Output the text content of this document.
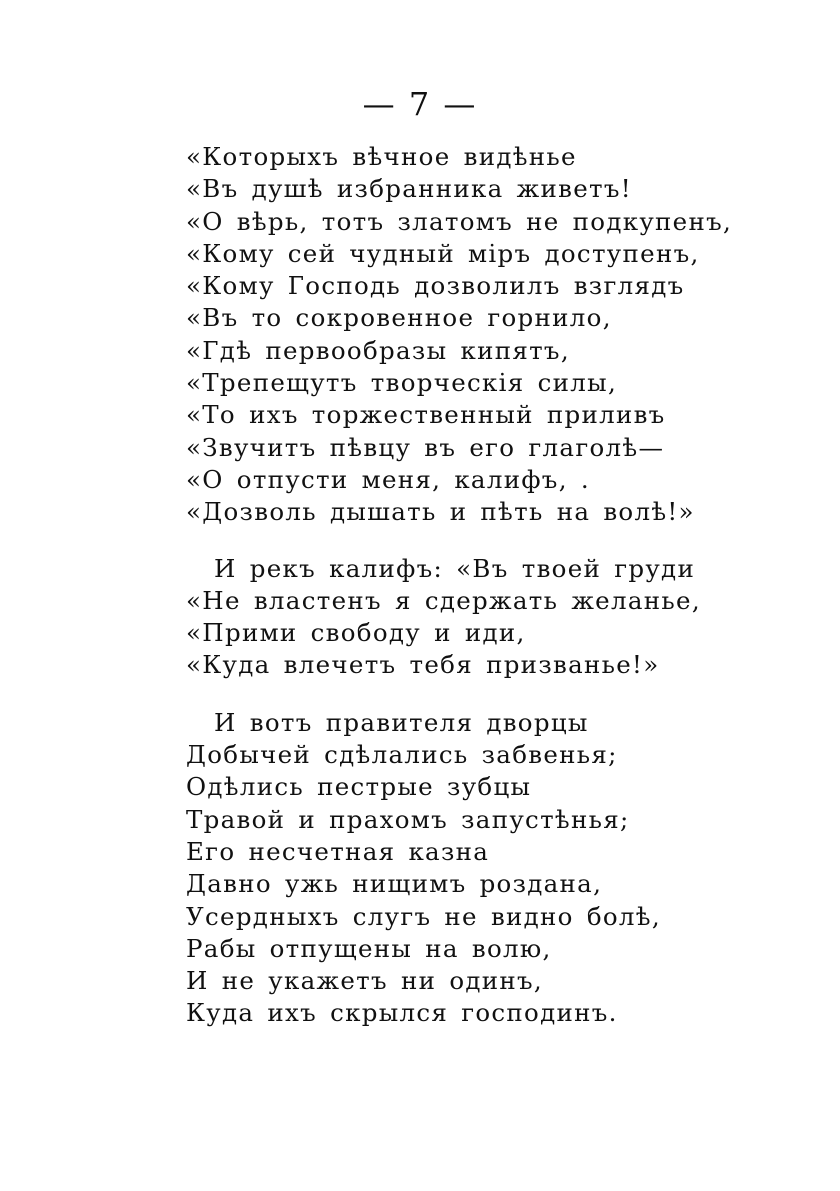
— 7 —
«Которыхъ вѣчное видѣнье
«Въ душѣ избранника живетъ!
«О вѣрь, тотъ златомъ не подкупенъ,
«Кому сей чудный міръ доступенъ,
«Кому Господь дозволилъ взглядъ
«Въ то сокровенное горнило,
«Гдѣ первообразы кипятъ,
«Трепещутъ творческія силы,
«То ихъ торжественный приливъ
«Звучитъ пѣвцу въ его глаголѣ—
«О отпусти меня, калифъ, .
«Дозволь дышать и пѣть на волѣ!»
И рекъ калифъ: «Въ твоей груди
«Не властенъ я сдержать желанье,
«Прими свободу и иди,
«Куда влечетъ тебя призванье!»
И вотъ правителя дворцы
Добычей сдѣлались забвенья;
Одѣлись пестрые зубцы
Травой и прахомъ запустѣнья;
Его несчетная казна
Давно ужь нищимъ роздана,
Усердныхъ слугъ не видно болѣ,
Рабы отпущены на волю,
И не укажетъ ни одинъ,
Куда ихъ скрылся господинъ.
